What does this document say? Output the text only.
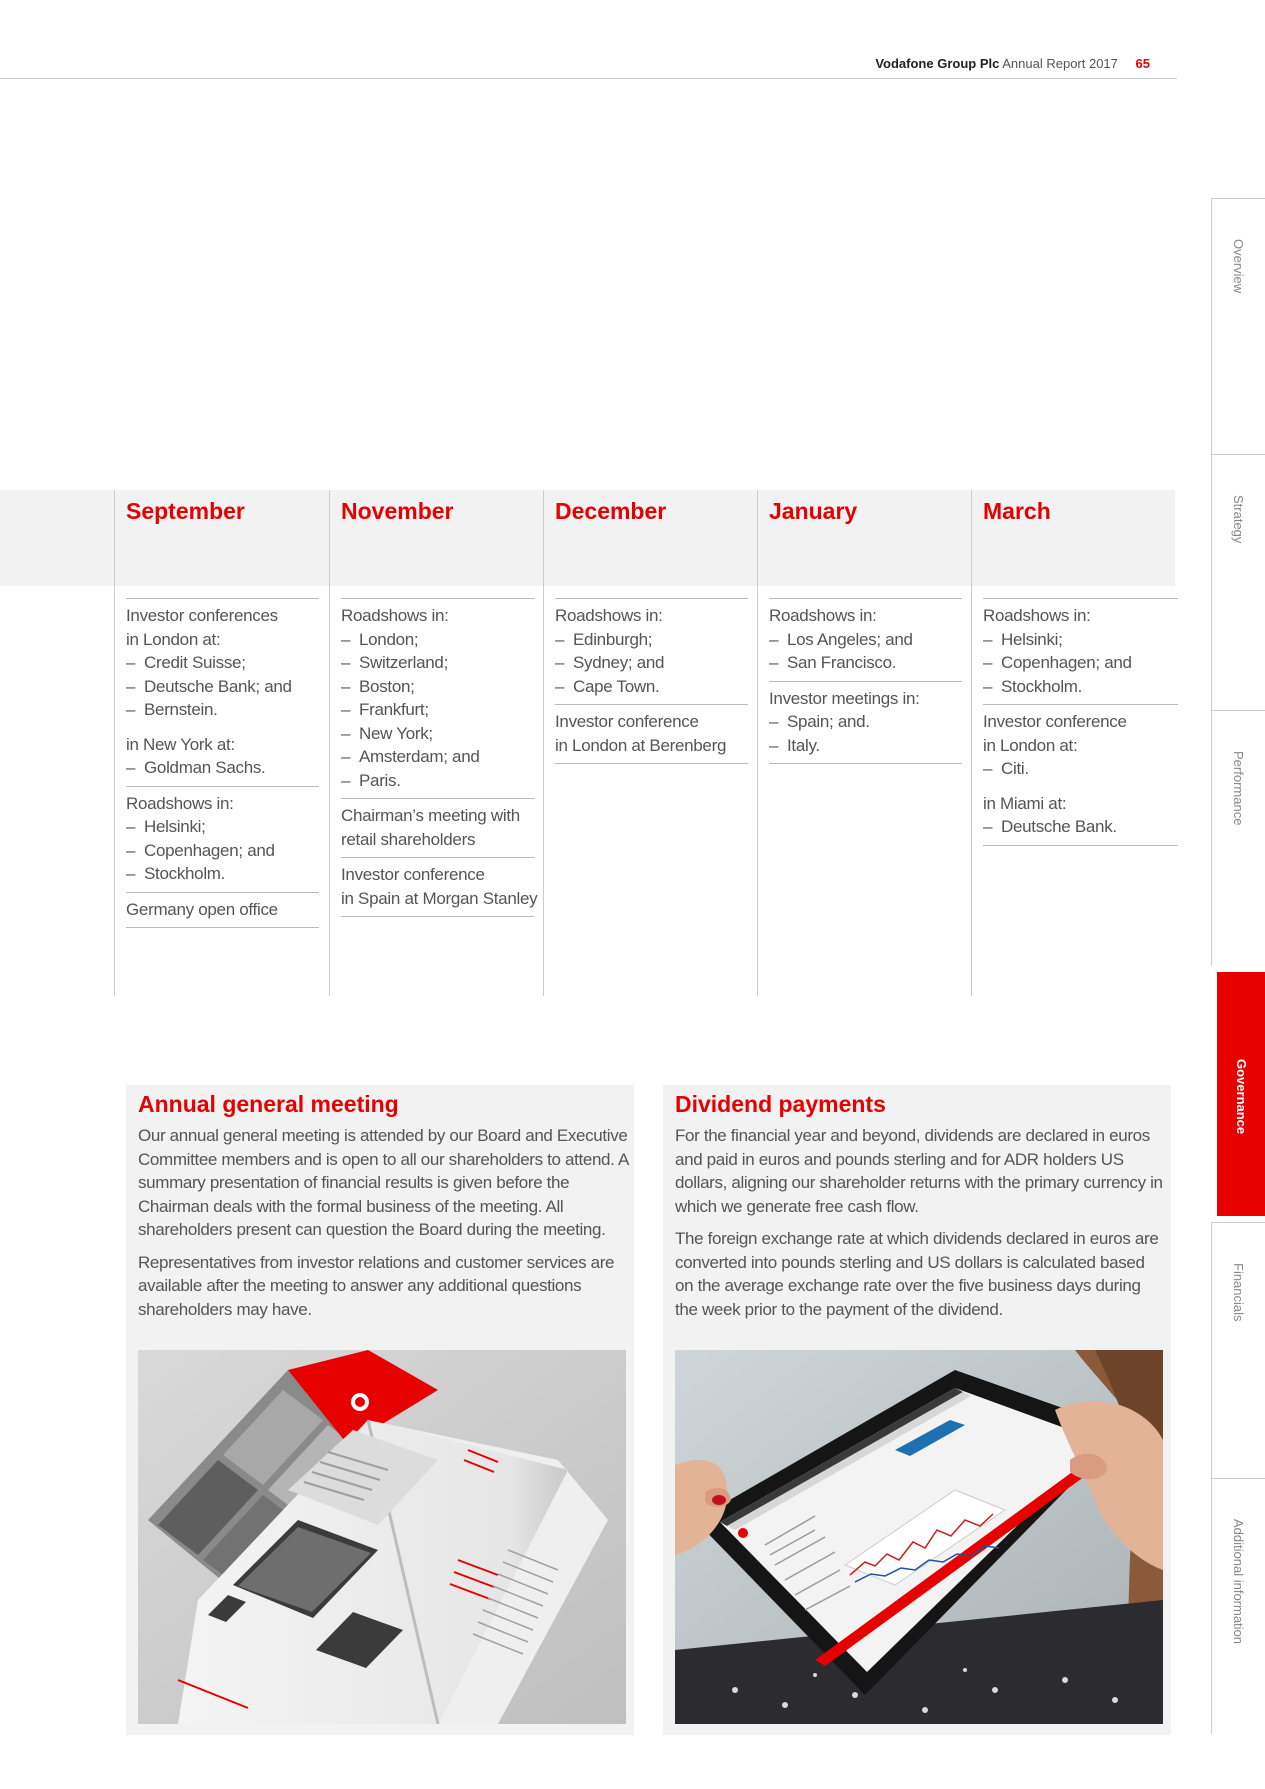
Vodafone Group Plc Annual Report 2017 65
Overview
Strategy
Performance
Governance
Financials
Additional information
September
Investor conferences
in London at:
– Credit Suisse;
– Deutsche Bank; and
– Bernstein.
in New York at:
– Goldman Sachs.
Roadshows in:
– Helsinki;
– Copenhagen; and
– Stockholm.
Germany open office
November
Roadshows in:
– London;
– Switzerland;
– Boston;
– Frankfurt;
– New York;
– Amsterdam; and
– Paris.
Chairman’s meeting with
retail shareholders
Investor conference
in Spain at Morgan Stanley
December
Roadshows in:
– Edinburgh;
– Sydney; and
– Cape Town.
Investor conference
in London at Berenberg
January
Roadshows in:
– Los Angeles; and
– San Francisco.
Investor meetings in:
– Spain; and.
– Italy.
March
Roadshows in:
– Helsinki;
– Copenhagen; and
– Stockholm.
Investor conference
in London at:
– Citi.
in Miami at:
– Deutsche Bank.
Annual general meeting

Our annual general meeting is attended by our Board and Executive Committee members and is open to all our shareholders to attend. A summary presentation of financial results is given before the Chairman deals with the formal business of the meeting. All shareholders present can question the Board during the meeting.

Representatives from investor relations and customer services are available after the meeting to answer any additional questions shareholders may have.

Dividend payments

For the financial year and beyond, dividends are declared in euros and paid in euros and pounds sterling and for ADR holders US dollars, aligning our shareholder returns with the primary currency in which we generate free cash flow.

The foreign exchange rate at which dividends declared in euros are converted into pounds sterling and US dollars is calculated based on the average exchange rate over the five business days during the week prior to the payment of the dividend.
